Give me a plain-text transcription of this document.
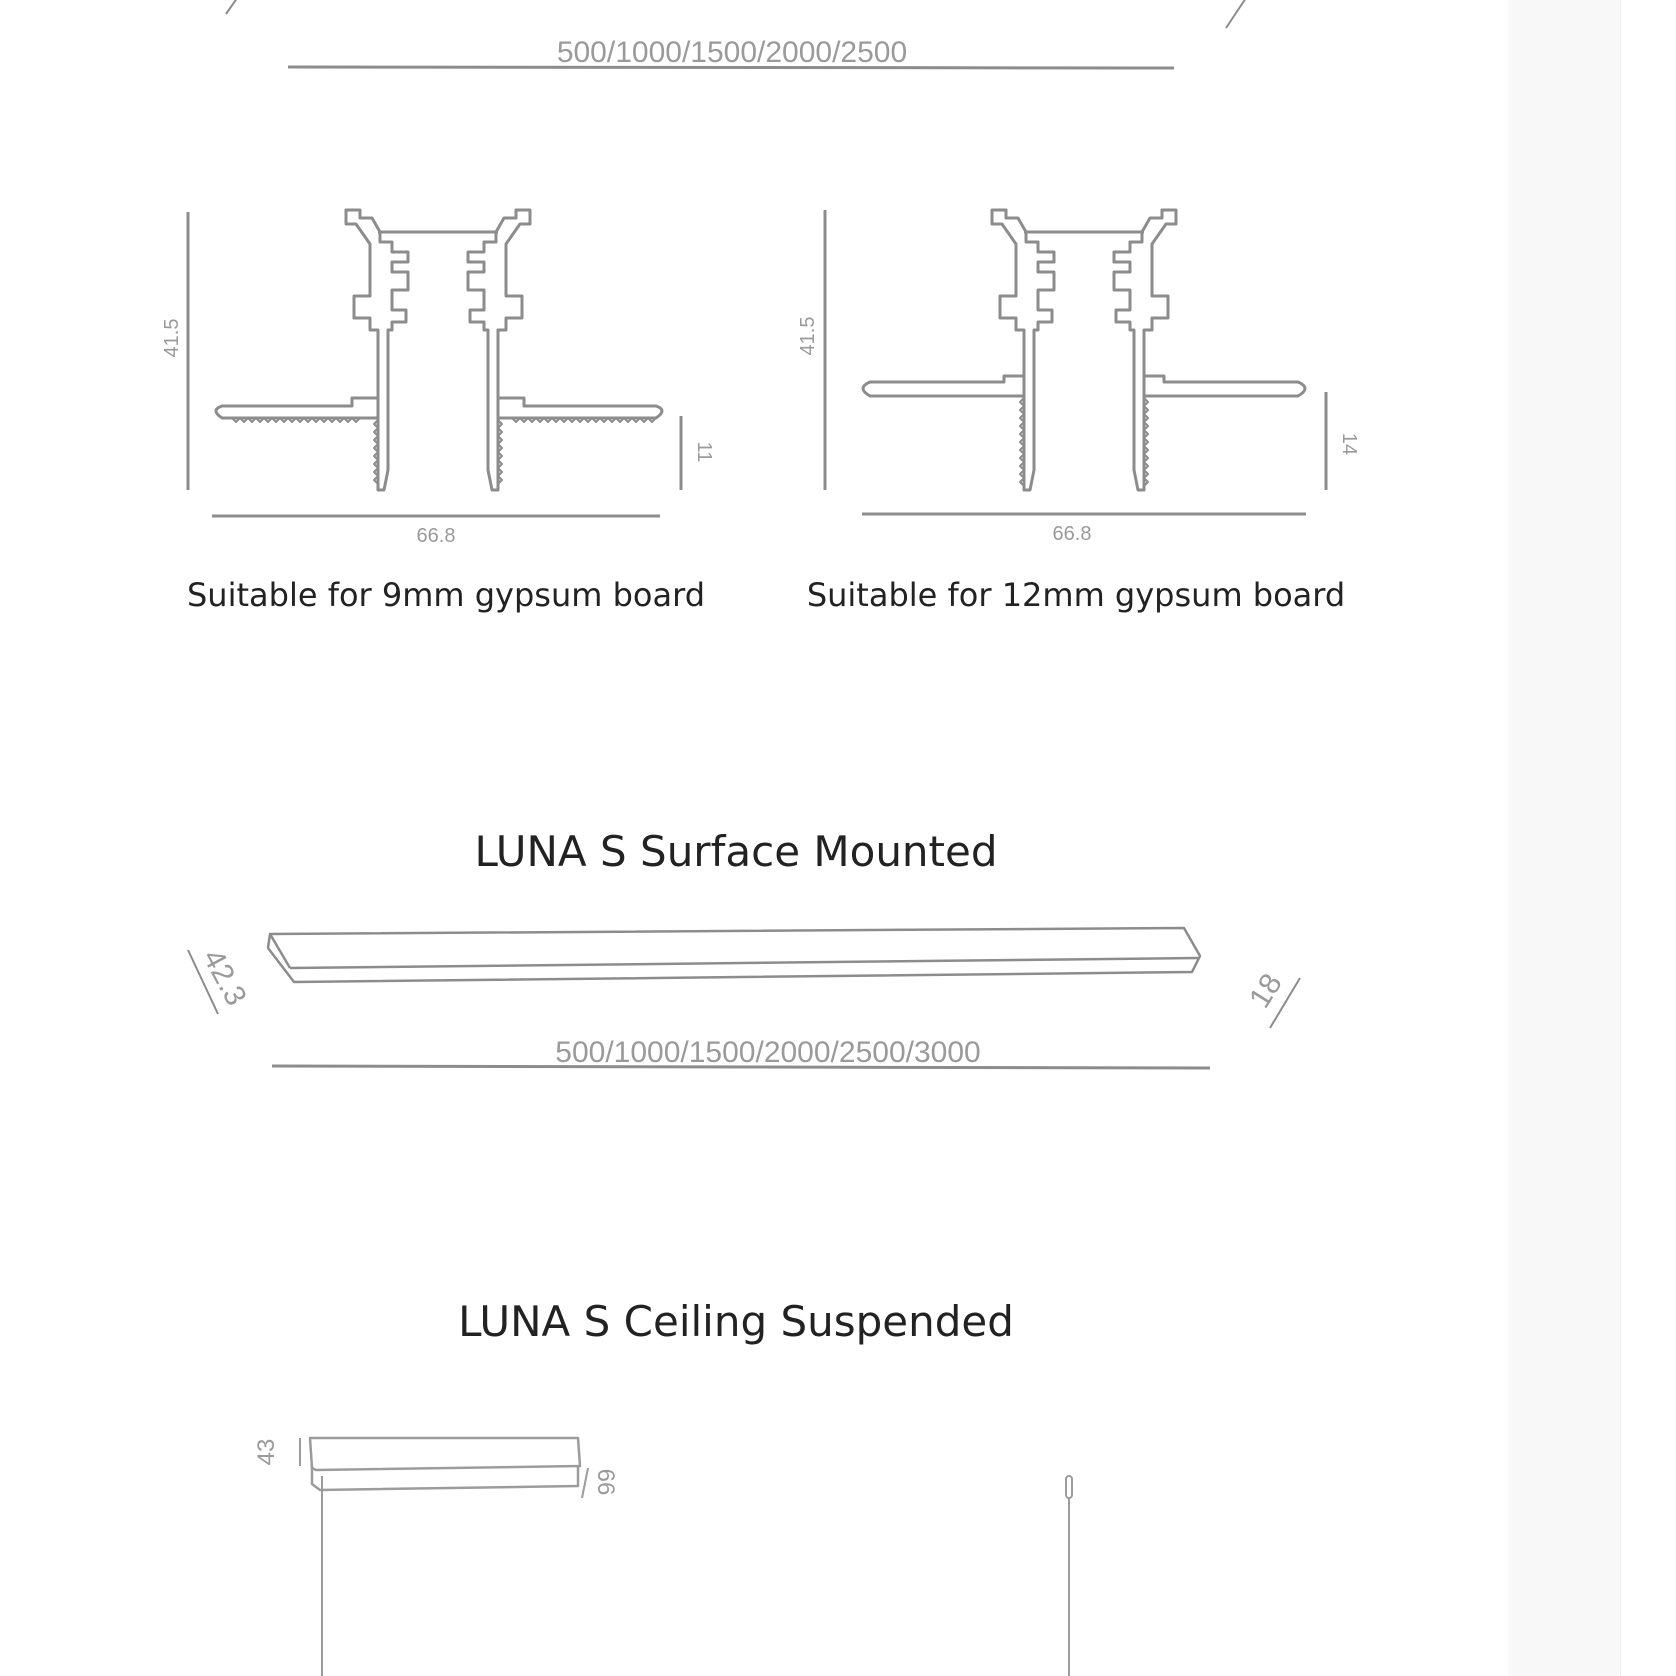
500/1000/1500/2000/2500
41.5
11
66.8
Suitable for 9mm gypsum board
41.5
14
66.8
Suitable for 12mm gypsum board
LUNA S Surface Mounted
42.3	18
500/1000/1500/2000/2500/3000
LUNA S Ceiling Suspended
43
66
